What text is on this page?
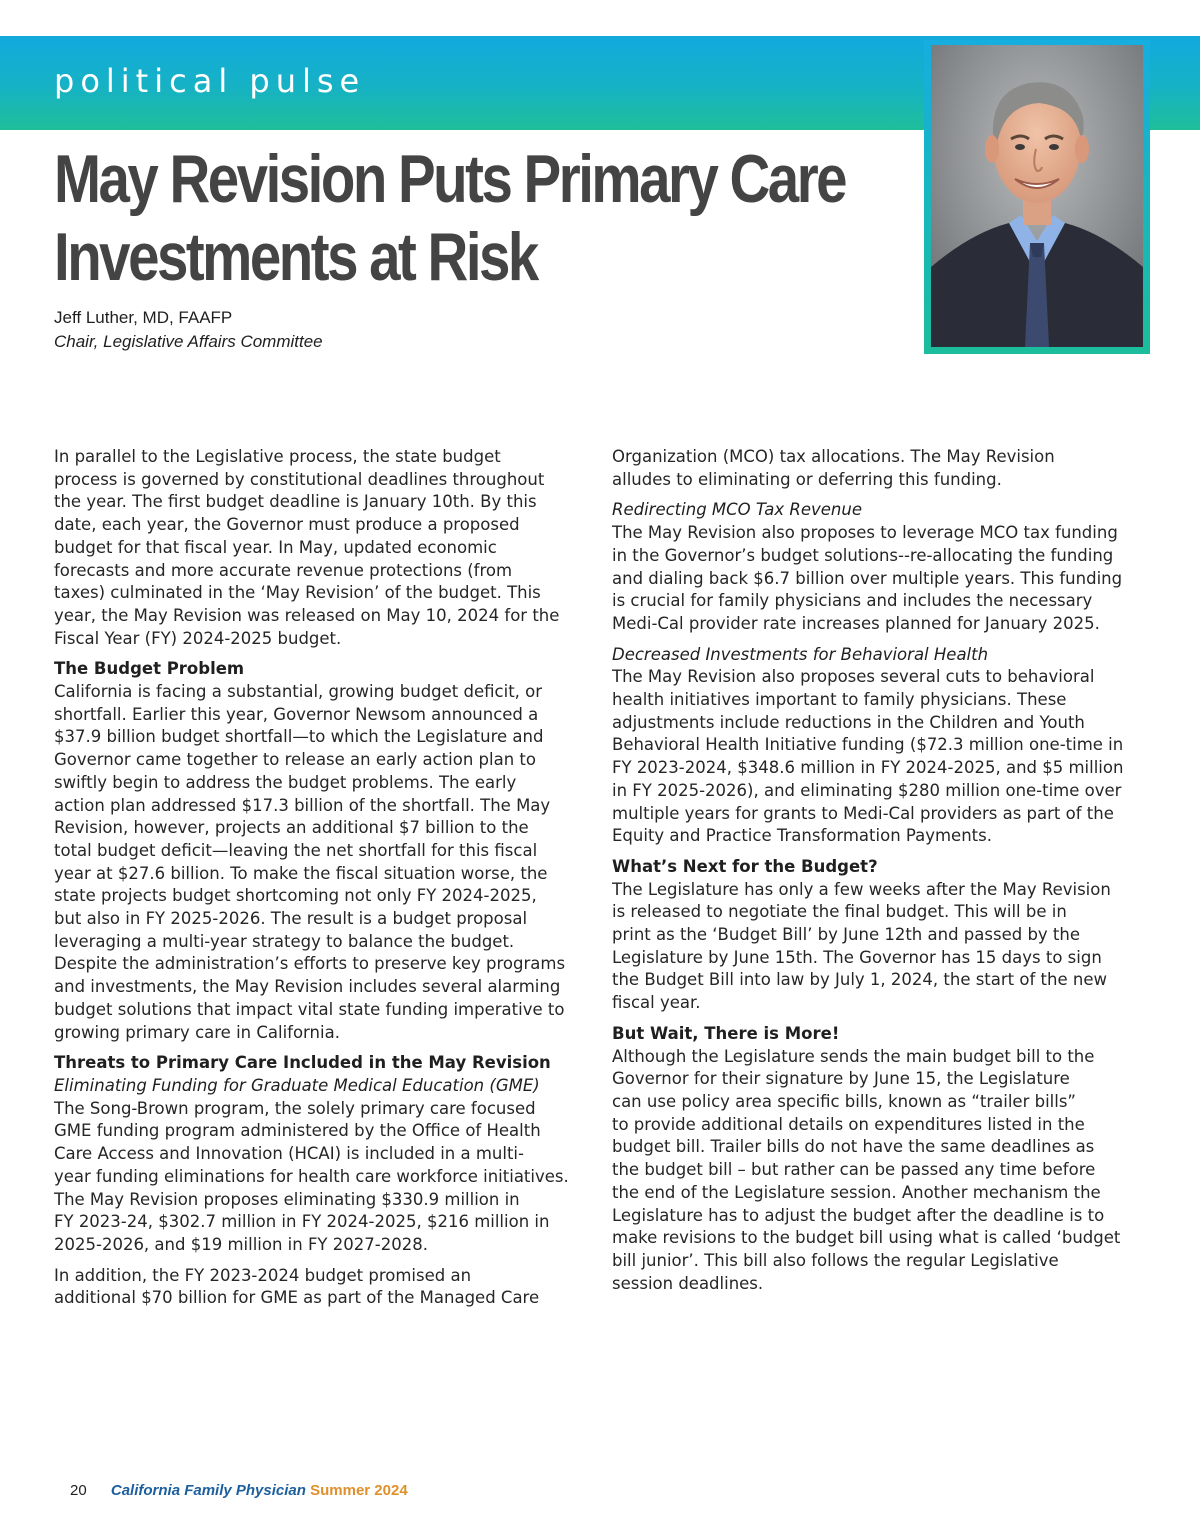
political pulse
May Revision Puts Primary Care
Investments at Risk
Jeff Luther, MD, FAAFP
Chair, Legislative Affairs Committee

In parallel to the Legislative process, the state budget
process is governed by constitutional deadlines throughout
the year. The first budget deadline is January 10th. By this
date, each year, the Governor must produce a proposed
budget for that fiscal year. In May, updated economic
forecasts and more accurate revenue protections (from
taxes) culminated in the ‘May Revision’ of the budget. This
year, the May Revision was released on May 10, 2024 for the
Fiscal Year (FY) 2024-2025 budget.

The Budget Problem

California is facing a substantial, growing budget deficit, or
shortfall. Earlier this year, Governor Newsom announced a
$37.9 billion budget shortfall—to which the Legislature and
Governor came together to release an early action plan to
swiftly begin to address the budget problems. The early
action plan addressed $17.3 billion of the shortfall. The May
Revision, however, projects an additional $7 billion to the
total budget deficit—leaving the net shortfall for this fiscal
year at $27.6 billion. To make the fiscal situation worse, the
state projects budget shortcoming not only FY 2024-2025,
but also in FY 2025-2026. The result is a budget proposal
leveraging a multi-year strategy to balance the budget.
Despite the administration’s efforts to preserve key programs
and investments, the May Revision includes several alarming
budget solutions that impact vital state funding imperative to
growing primary care in California.

Threats to Primary Care Included in the May Revision

Eliminating Funding for Graduate Medical Education (GME)

The Song-Brown program, the solely primary care focused
GME funding program administered by the Office of Health
Care Access and Innovation (HCAI) is included in a multi-
year funding eliminations for health care workforce initiatives.
The May Revision proposes eliminating $330.9 million in
FY 2023-24, $302.7 million in FY 2024-2025, $216 million in
2025-2026, and $19 million in FY 2027-2028.

In addition, the FY 2023-2024 budget promised an
additional $70 billion for GME as part of the Managed Care

Organization (MCO) tax allocations. The May Revision
alludes to eliminating or deferring this funding.

Redirecting MCO Tax Revenue

The May Revision also proposes to leverage MCO tax funding
in the Governor’s budget solutions--re-allocating the funding
and dialing back $6.7 billion over multiple years. This funding
is crucial for family physicians and includes the necessary
Medi-Cal provider rate increases planned for January 2025.

Decreased Investments for Behavioral Health

The May Revision also proposes several cuts to behavioral
health initiatives important to family physicians. These
adjustments include reductions in the Children and Youth
Behavioral Health Initiative funding ($72.3 million one-time in
FY 2023-2024, $348.6 million in FY 2024-2025, and $5 million
in FY 2025-2026), and eliminating $280 million one-time over
multiple years for grants to Medi-Cal providers as part of the
Equity and Practice Transformation Payments.

What’s Next for the Budget?

The Legislature has only a few weeks after the May Revision
is released to negotiate the final budget. This will be in
print as the ‘Budget Bill’ by June 12th and passed by the
Legislature by June 15th. The Governor has 15 days to sign
the Budget Bill into law by July 1, 2024, the start of the new
fiscal year.

But Wait, There is More!

Although the Legislature sends the main budget bill to the
Governor for their signature by June 15, the Legislature
can use policy area specific bills, known as “trailer bills”
to provide additional details on expenditures listed in the
budget bill. Trailer bills do not have the same deadlines as
the budget bill – but rather can be passed any time before
the end of the Legislature session. Another mechanism the
Legislature has to adjust the budget after the deadline is to
make revisions to the budget bill using what is called ‘budget
bill junior’. This bill also follows the regular Legislative
session deadlines.

20 California Family Physician Summer 2024
